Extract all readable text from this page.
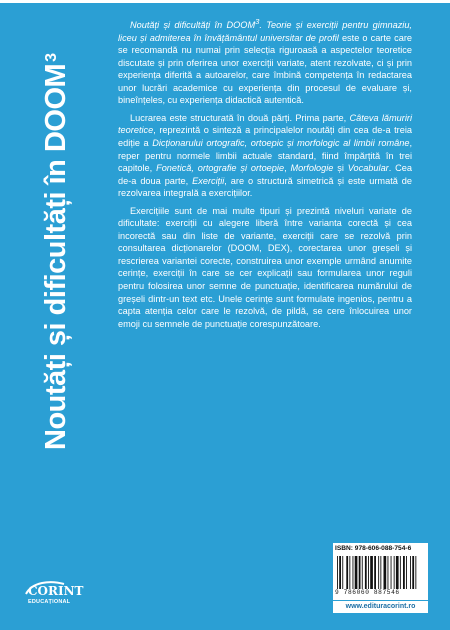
Noutăți și dificultăți în DOOM$^3$

Noutăți și dificultăți în DOOM$^3$. Teorie și exerciții pentru gimnaziu, liceu și admiterea în învățământul universitar de profil este o carte care se recomandă nu numai prin selecția riguroasă a aspectelor teoretice discutate și prin oferirea unor exerciții variate, atent rezolvate, ci și prin experiența diferită a autoarelor, care îmbină competența în redactarea unor lucrări academice cu experiența din procesul de evaluare și, bineînțeles, cu experiența didactică autentică.

Lucrarea este structurată în două părți. Prima parte, Câteva lămuriri teoretice, reprezintă o sinteză a principalelor noutăți din cea de-a treia ediție a Dicționarului ortografic, ortoepic și morfologic al limbii române, reper pentru normele limbii actuale standard, fiind împărțită în trei capitole, Fonetică, ortografie și ortoepie, Morfologie și Vocabular. Cea de-a doua parte, Exerciții, are o structură simetrică și este urmată de rezolvarea integrală a exercițiilor.

Exercițiile sunt de mai multe tipuri și prezintă niveluri variate de dificultate: exerciții cu alegere liberă între varianta corectă și cea incorectă sau din liste de variante, exerciții care se rezolvă prin consultarea dicționarelor (DOOM, DEX), corectarea unor greșeli și rescrierea variantei corecte, construirea unor exemple urmând anumite cerințe, exerciții în care se cer explicații sau formularea unor reguli pentru folosirea unor semne de punctuație, identificarea numărului de greșeli dintr-un text etc. Unele cerințe sunt formulate ingenios, pentru a capta atenția celor care le rezolvă, de pildă, se cere înlocuirea unor emoji cu semnele de punctuație corespunzătoare.

CORINT
EDUCAȚIONAL
ISBN: 978-606-088-754-6
9 786060 887546
www.edituracorint.ro
